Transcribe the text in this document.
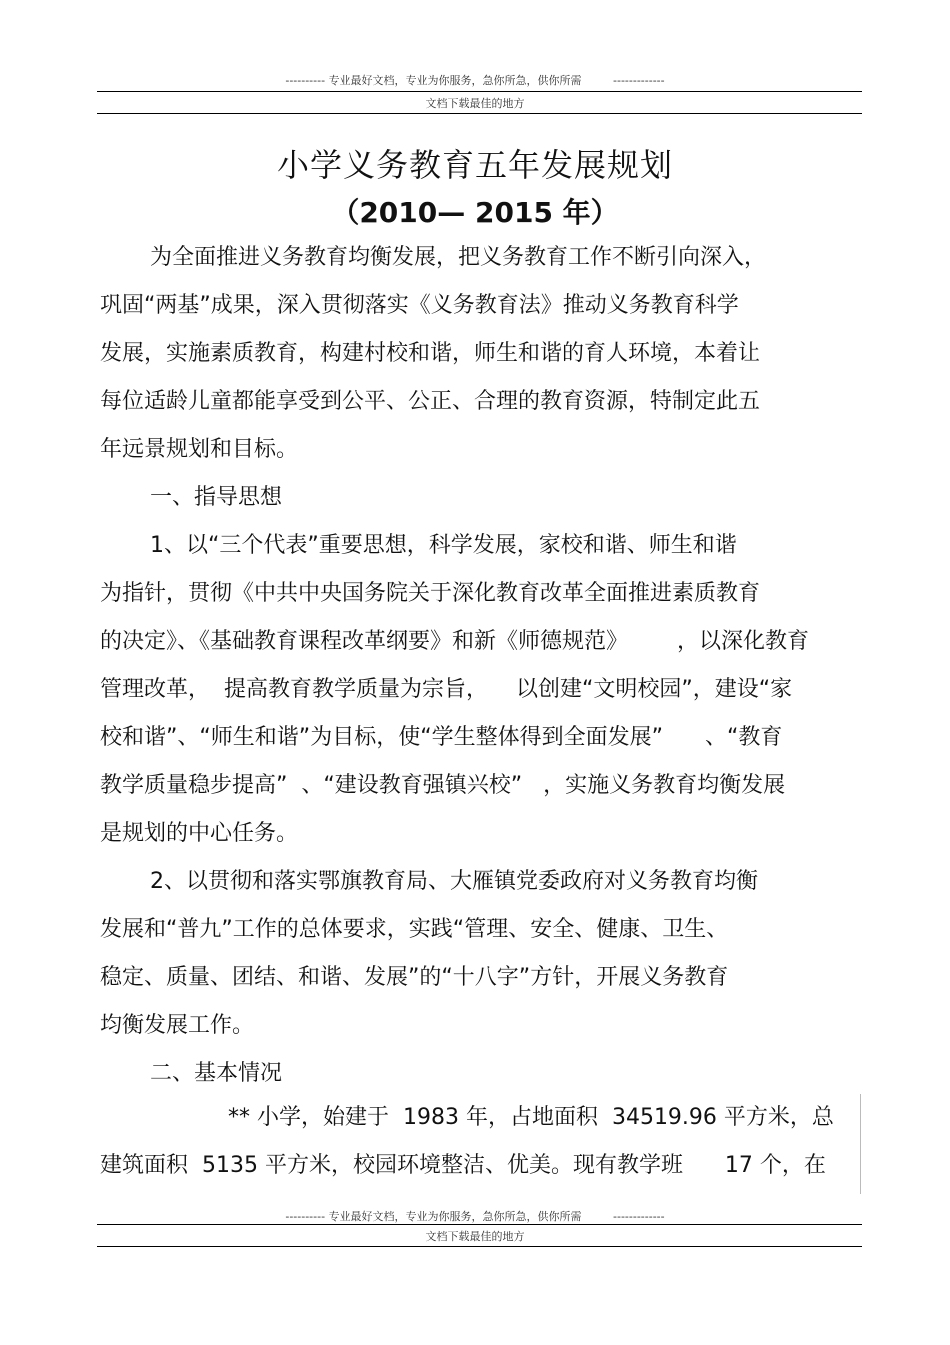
---------- 专业最好文档，专业为你服务，急你所急，供你所需         -------------
文档下载最佳的地方
小学义务教育五年发展规划
（2010— 2015 年）
为全面推进义务教育均衡发展，把义务教育工作不断引向深入，
巩固“两基”成果，深入贯彻落实《义务教育法》推动义务教育科学
发展，实施素质教育，构建村校和谐，师生和谐的育人环境，本着让
每位适龄儿童都能享受到公平、公正、合理的教育资源，特制定此五
年远景规划和目标。
一、指导思想
1、以“三个代表”重要思想，科学发展，家校和谐、师生和谐
为指针，贯彻《中共中央国务院关于深化教育改革全面推进素质教育
的决定》、《基础教育课程改革纲要》和新《师德规范》       ，以深化教育
管理改革，  提高教育教学质量为宗旨，    以创建“文明校园”，建设“家
校和谐”、“师生和谐”为目标，使“学生整体得到全面发展”      、“教育
教学质量稳步提高”  、“建设教育强镇兴校”   ，实施义务教育均衡发展
是规划的中心任务。
2、以贯彻和落实鄂旗教育局、大雁镇党委政府对义务教育均衡
发展和“普九”工作的总体要求，实践“管理、安全、健康、卫生、
稳定、质量、团结、和谐、发展”的“十八字”方针，开展义务教育
均衡发展工作。
二、基本情况
** 小学，始建于  1983 年，占地面积  34519.96 平方米，总
建筑面积  5135 平方米，校园环境整洁、优美。现有教学班      17 个，在
---------- 专业最好文档，专业为你服务，急你所急，供你所需         -------------
文档下载最佳的地方
